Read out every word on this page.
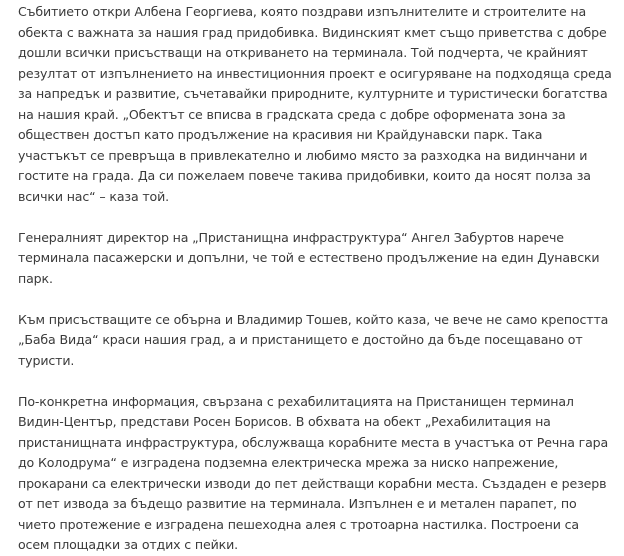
Събитието откри Албена Георгиева, която поздрави изпълнителите и строителите на обекта с важната за нашия град придобивка. Видинският кмет също приветства с добре дошли всички присъстващи на откриването на терминала. Той подчерта, че крайният резултат от изпълнението на инвестиционния проект е осигуряване на подходяща среда за напредък и развитие, съчетавайки природните, културните и туристически богатства на нашия край. „Обектът се вписва в градската среда с добре оформената зона за обществен достъп като продължение на красивия ни Крайдунавски парк. Така участъкът се превръща в привлекателно и любимо място за разходка на видинчани и гостите на града. Да си пожелаем повече такива придобивки, които да носят полза за всички нас“ – каза той.

Генералният директор на „Пристанищна инфраструктура“ Ангел Забуртов нарече терминала пасажерски и допълни, че той е естествено продължение на един Дунавски парк.

Към присъстващите се обърна и Владимир Тошев, който каза, че вече не само крепостта „Баба Вида“ краси нашия град, а и пристанището е достойно да бъде посещавано от туристи.

По-конкретна информация, свързана с рехабилитацията на Пристанищен терминал Видин-Център, представи Росен Борисов. В обхвата на обект „Рехабилитация на пристанищната инфраструктура, обслужваща корабните места в участъка от Речна гара до Колодрума“ е изградена подземна електрическа мрежа за ниско напрежение, прокарани са електрически изводи до пет действащи корабни места. Създаден е резерв от пет извода за бъдещо развитие на терминала. Изпълнен е и метален парапет, по чието протежение е изградена пешеходна алея с тротоарна настилка. Построени са осем площадки за отдих с пейки.
